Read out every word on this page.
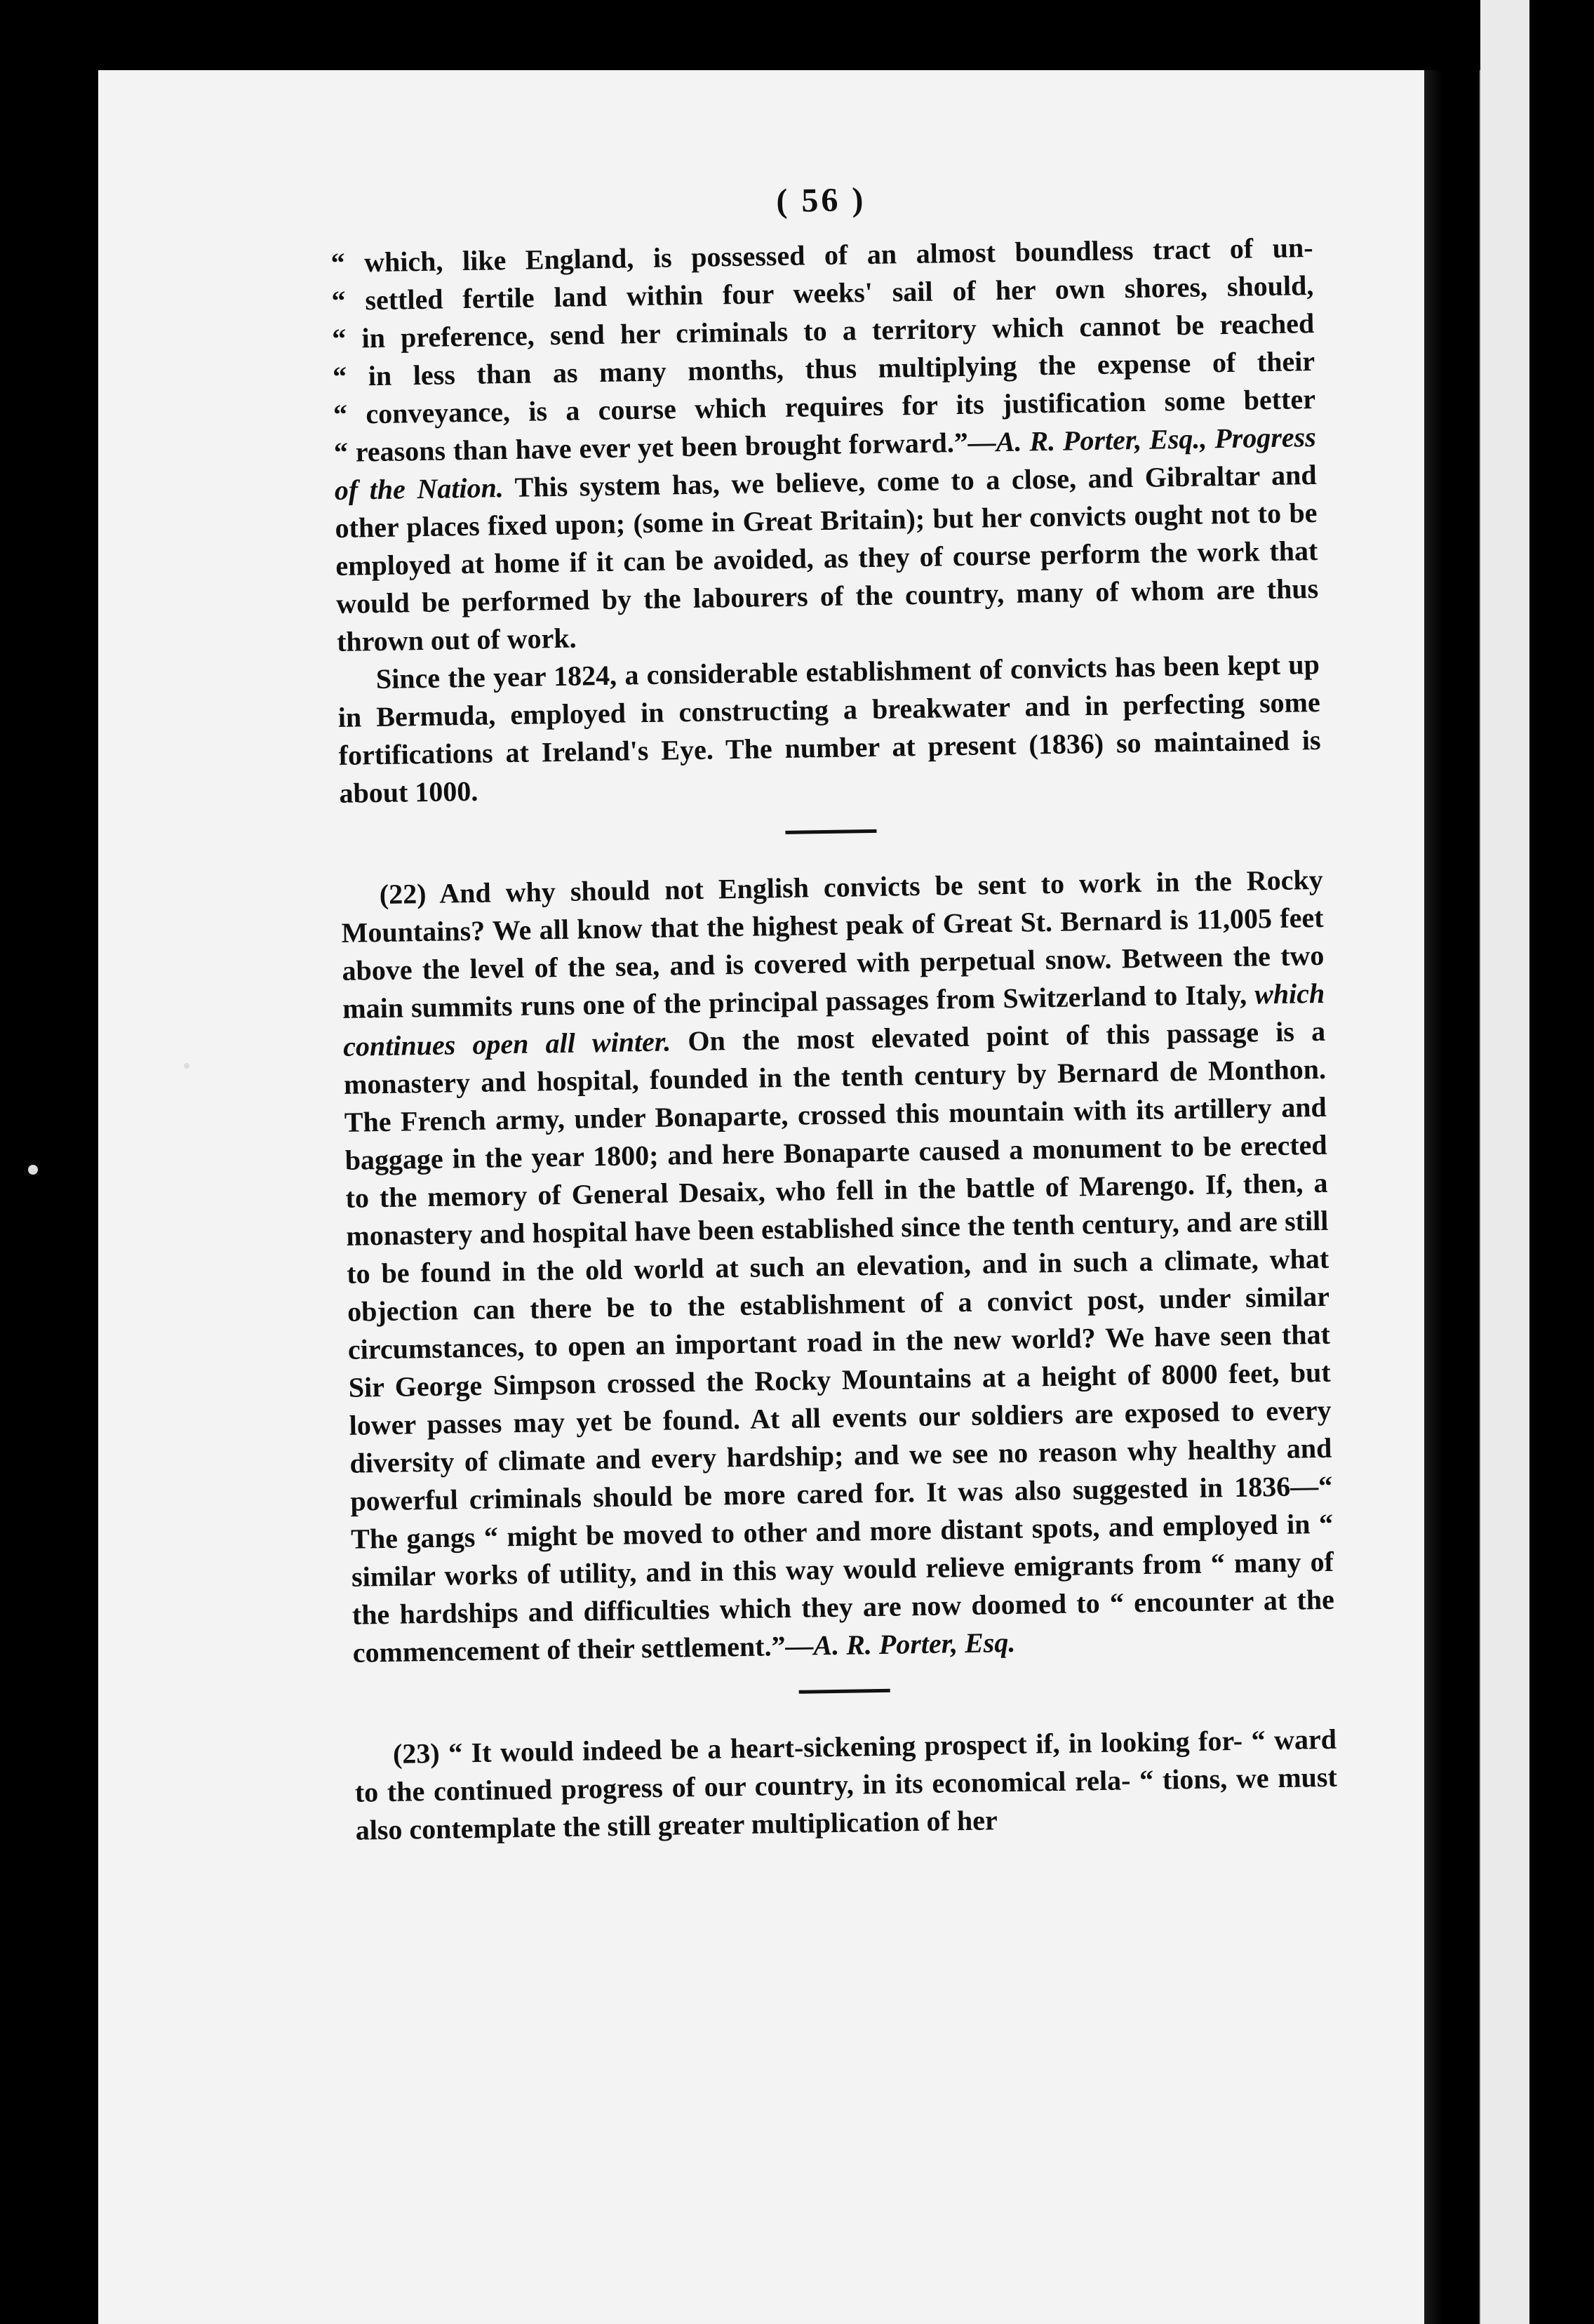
( 56 )
“ which, like England, is possessed of an almost boundless tract of un-
“ settled fertile land within four weeks' sail of her own shores, should,
“ in preference, send her criminals to a territory which cannot be reached
“ in less than as many months, thus multiplying the expense of their
“ conveyance, is a course which requires for its justification some better

“ reasons than have ever yet been brought forward.”—A. R. Porter, Esq., Progress of the Nation. This system has, we believe, come to a close, and Gibraltar and other places fixed upon; (some in Great Britain); but her convicts ought not to be employed at home if it can be avoided, as they of course perform the work that would be performed by the labourers of the country, many of whom are thus thrown out of work.

Since the year 1824, a considerable establishment of convicts has been kept up in Bermuda, employed in constructing a breakwater and in perfecting some fortifications at Ireland's Eye. The number at present (1836) so maintained is about 1000.

(22) And why should not English convicts be sent to work in the Rocky Mountains? We all know that the highest peak of Great St. Bernard is 11,005 feet above the level of the sea, and is covered with perpetual snow. Between the two main summits runs one of the principal passages from Switzerland to Italy, which continues open all winter. On the most elevated point of this passage is a monastery and hospital, founded in the tenth century by Bernard de Monthon. The French army, under Bonaparte, crossed this mountain with its artillery and baggage in the year 1800; and here Bonaparte caused a monument to be erected to the memory of General Desaix, who fell in the battle of Marengo. If, then, a monastery and hospital have been established since the tenth century, and are still to be found in the old world at such an elevation, and in such a climate, what objection can there be to the establishment of a convict post, under similar circumstances, to open an important road in the new world? We have seen that Sir George Simpson crossed the Rocky Mountains at a height of 8000 feet, but lower passes may yet be found. At all events our soldiers are exposed to every diversity of climate and every hardship; and we see no reason why healthy and powerful criminals should be more cared for. It was also suggested in 1836—“ The gangs “ might be moved to other and more distant spots, and employed in “ similar works of utility, and in this way would relieve emigrants from “ many of the hardships and difficulties which they are now doomed to “ encounter at the commencement of their settlement.”—A. R. Porter, Esq.

(23) “ It would indeed be a heart-sickening prospect if, in looking for- “ ward to the continued progress of our country, in its economical rela- “ tions, we must also contemplate the still greater multiplication of her
